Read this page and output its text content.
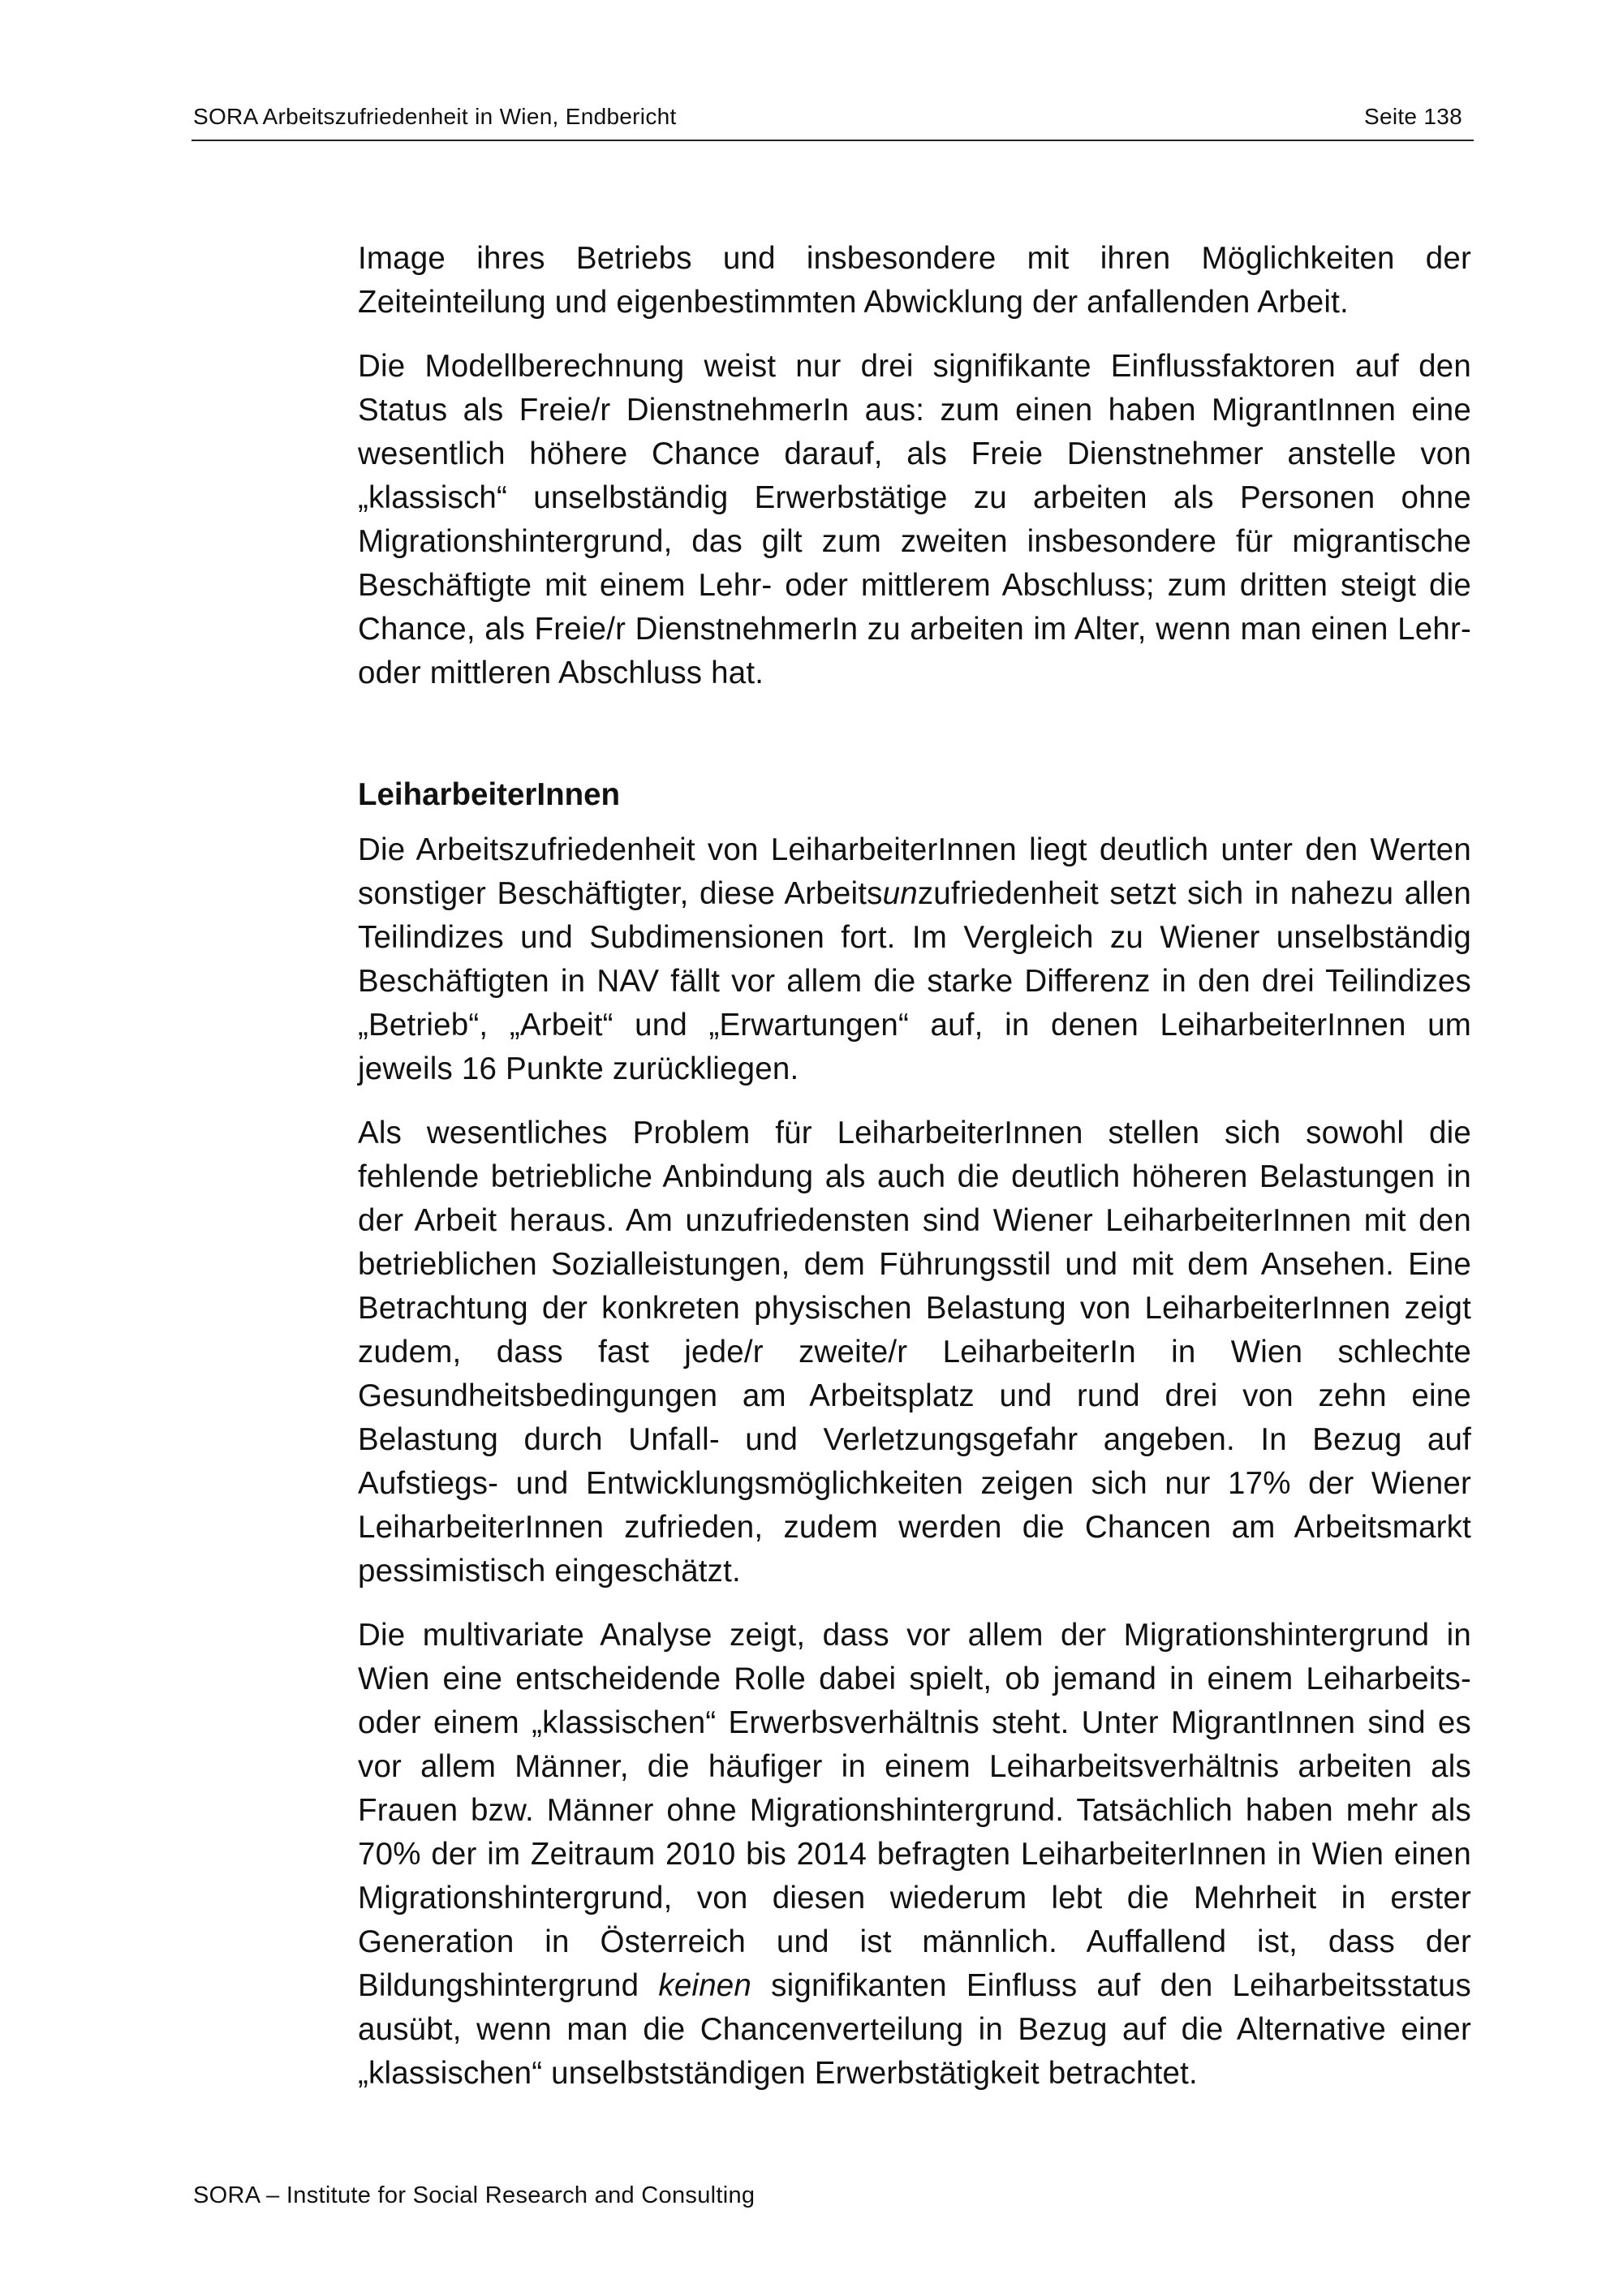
SORA Arbeitszufriedenheit in Wien, Endbericht	Seite 138

Image ihres Betriebs und insbesondere mit ihren Möglichkeiten der Zeiteinteilung und eigenbestimmten Abwicklung der anfallenden Arbeit.

Die Modellberechnung weist nur drei signifikante Einflussfaktoren auf den Status als Freie/r DienstnehmerIn aus: zum einen haben MigrantInnen eine wesentlich höhere Chance darauf, als Freie Dienstnehmer anstelle von „klassisch“ unselbständig Erwerbstätige zu arbeiten als Personen ohne Migrationshintergrund, das gilt zum zweiten insbesondere für migrantische Beschäftigte mit einem Lehr- oder mittlerem Abschluss; zum dritten steigt die Chance, als Freie/r DienstnehmerIn zu arbeiten im Alter, wenn man einen Lehr- oder mittleren Abschluss hat.

LeiharbeiterInnen

Die Arbeitszufriedenheit von LeiharbeiterInnen liegt deutlich unter den Werten sonstiger Beschäftigter, diese Arbeitsunzufriedenheit setzt sich in nahezu allen Teilindizes und Subdimensionen fort. Im Vergleich zu Wiener unselbständig Beschäftigten in NAV fällt vor allem die starke Differenz in den drei Teilindizes „Betrieb“, „Arbeit“ und „Erwartungen“ auf, in denen LeiharbeiterInnen um jeweils 16 Punkte zurückliegen.

Als wesentliches Problem für LeiharbeiterInnen stellen sich sowohl die fehlende betriebliche Anbindung als auch die deutlich höheren Belastungen in der Arbeit heraus. Am unzufriedensten sind Wiener LeiharbeiterInnen mit den betrieblichen Sozialleistungen, dem Führungsstil und mit dem Ansehen. Eine Betrachtung der konkreten physischen Belastung von LeiharbeiterInnen zeigt zudem, dass fast jede/r zweite/r LeiharbeiterIn in Wien schlechte Gesundheitsbedingungen am Arbeitsplatz und rund drei von zehn eine Belastung durch Unfall- und Verletzungsgefahr angeben. In Bezug auf Aufstiegs- und Entwicklungsmöglichkeiten zeigen sich nur 17% der Wiener LeiharbeiterInnen zufrieden, zudem werden die Chancen am Arbeitsmarkt pessimistisch eingeschätzt.

Die multivariate Analyse zeigt, dass vor allem der Migrationshintergrund in Wien eine entscheidende Rolle dabei spielt, ob jemand in einem Leiharbeits- oder einem „klassischen“ Erwerbsverhältnis steht. Unter MigrantInnen sind es vor allem Männer, die häufiger in einem Leiharbeitsverhältnis arbeiten als Frauen bzw. Männer ohne Migrationshintergrund. Tatsächlich haben mehr als 70% der im Zeitraum 2010 bis 2014 befragten LeiharbeiterInnen in Wien einen Migrationshintergrund, von diesen wiederum lebt die Mehrheit in erster Generation in Österreich und ist männlich. Auffallend ist, dass der Bildungshintergrund keinen signifikanten Einfluss auf den Leiharbeitsstatus ausübt, wenn man die Chancenverteilung in Bezug auf die Alternative einer „klassischen“ unselbstständigen Erwerbstätigkeit betrachtet.

SORA – Institute for Social Research and Consulting
